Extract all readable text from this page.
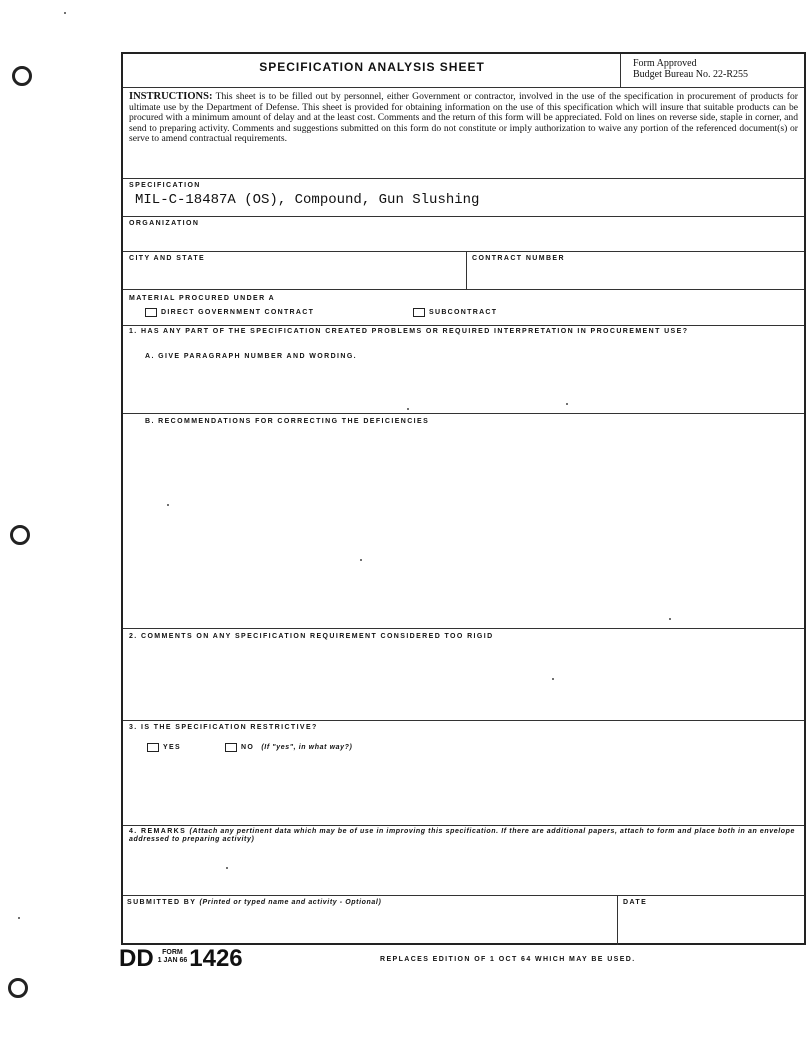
SPECIFICATION ANALYSIS SHEET	Form Approved
Budget Bureau No. 22-R255
INSTRUCTIONS: This sheet is to be filled out by personnel, either Government or contractor, involved in the use of the specification in procurement of products for ultimate use by the Department of Defense. This sheet is provided for obtaining information on the use of this specification which will insure that suitable products can be procured with a minimum amount of delay and at the least cost. Comments and the return of this form will be appreciated. Fold on lines on reverse side, staple in corner, and send to preparing activity. Comments and suggestions submitted on this form do not constitute or imply authorization to waive any portion of the referenced document(s) or serve to amend contractual requirements.
SPECIFICATION
MIL-C-18487A (OS), Compound, Gun Slushing
ORGANIZATION
CITY AND STATE	CONTRACT NUMBER
MATERIAL PROCURED UNDER A
DIRECT GOVERNMENT CONTRACT	SUBCONTRACT
1. HAS ANY PART OF THE SPECIFICATION CREATED PROBLEMS OR REQUIRED INTERPRETATION IN PROCUREMENT USE?
A. GIVE PARAGRAPH NUMBER AND WORDING.
B. RECOMMENDATIONS FOR CORRECTING THE DEFICIENCIES
2. COMMENTS ON ANY SPECIFICATION REQUIREMENT CONSIDERED TOO RIGID
3. IS THE SPECIFICATION RESTRICTIVE?
YES	NO (If "yes", in what way?)
4. REMARKS (Attach any pertinent data which may be of use in improving this specification. If there are additional papers, attach to form and place both in an envelope addressed to preparing activity)
SUBMITTED BY (Printed or typed name and activity - Optional)	DATE
DD FORM
1 JAN 661426	REPLACES EDITION OF 1 OCT 64 WHICH MAY BE USED.
